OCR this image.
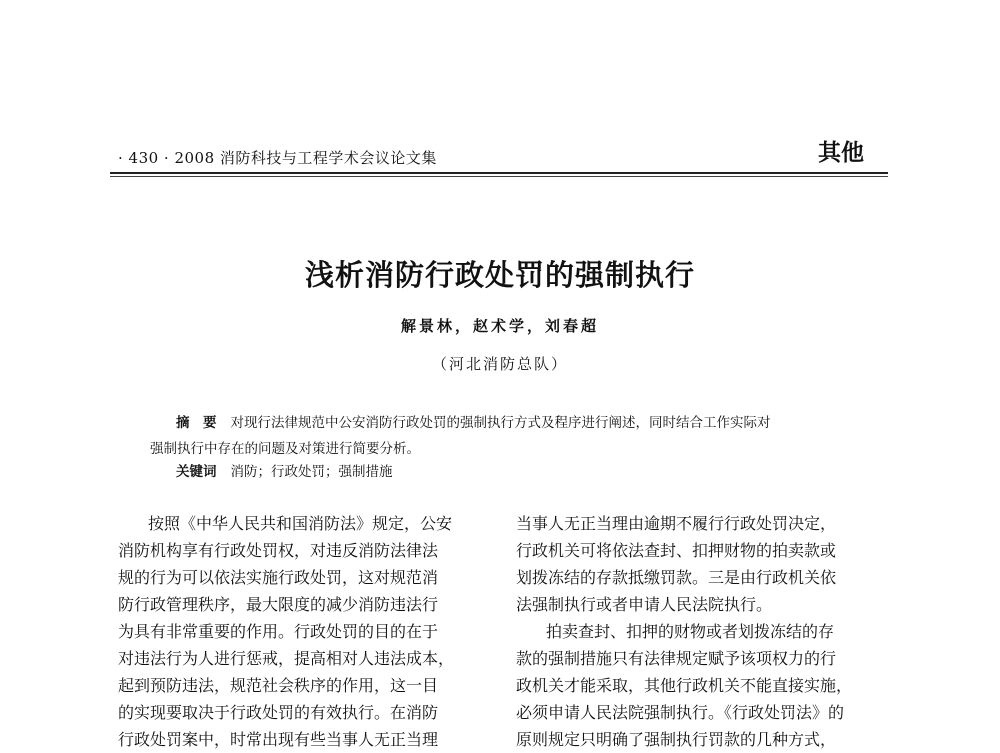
· 430 · 2008 消防科技与工程学术会议论文集	其他
浅析消防行政处罚的强制执行
解景林，赵术学，刘春超
（河北消防总队）
摘　要 对现行法律规范中公安消防行政处罚的强制执行方式及程序进行阐述，同时结合工作实际对
强制执行中存在的问题及对策进行简要分析。
关键词 消防；行政处罚；强制措施

按照《中华人民共和国消防法》规定，公安

消防机构享有行政处罚权，对违反消防法律法

规的行为可以依法实施行政处罚，这对规范消

防行政管理秩序，最大限度的减少消防违法行

为具有非常重要的作用。行政处罚的目的在于

对违法行为人进行惩戒，提高相对人违法成本，

起到预防违法，规范社会秩序的作用，这一目

的实现要取决于行政处罚的有效执行。在消防

行政处罚案中，时常出现有些当事人无正当理

当事人无正当理由逾期不履行行政处罚决定，

行政机关可将依法查封、扣押财物的拍卖款或

划拨冻结的存款抵缴罚款。三是由行政机关依

法强制执行或者申请人民法院执行。

拍卖查封、扣押的财物或者划拨冻结的存

款的强制措施只有法律规定赋予该项权力的行

政机关才能采取，其他行政机关不能直接实施，

必须申请人民法院强制执行。《行政处罚法》的

原则规定只明确了强制执行罚款的几种方式，
